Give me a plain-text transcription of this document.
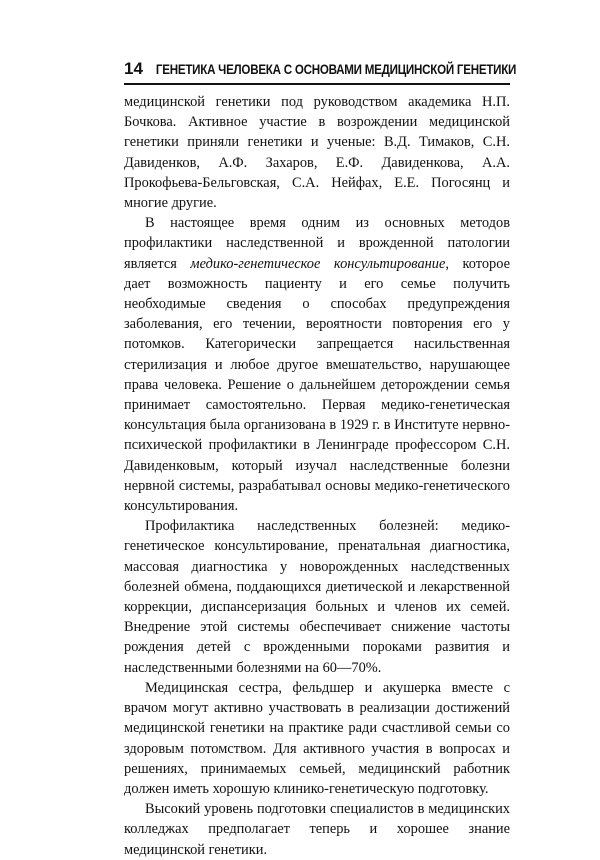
14 ГЕНЕТИКА ЧЕЛОВЕКА С ОСНОВАМИ МЕДИЦИНСКОЙ ГЕНЕТИКИ

медицинской генетики под руководством академика Н.П. Бочкова. Активное участие в возрождении медицинской генетики приняли генетики и ученые: В.Д. Тимаков, С.Н. Давиденков, А.Ф. Захаров, Е.Ф. Давиденкова, А.А. Прокофьева-Бельговская, С.А. Нейфах, Е.Е. Погосянц и многие другие.

В настоящее время одним из основных методов профилактики наследственной и врожденной патологии является медико-генетическое консультирование, которое дает возможность пациенту и его семье получить необходимые сведения о способах предупреждения заболевания, его течении, вероятности повторения его у потомков. Категорически запрещается насильственная стерилизация и любое другое вмешательство, нарушающее права человека. Решение о дальнейшем деторождении семья принимает самостоятельно. Первая медико-генетическая консультация была организована в 1929 г. в Институте нервно-психической профилактики в Ленинграде профессором С.Н. Давиденковым, который изучал наследственные болезни нервной системы, разрабатывал основы медико-генетического консультирования.

Профилактика наследственных болезней: медико-генетическое консультирование, пренатальная диагностика, массовая диагностика у новорожденных наследственных болезней обмена, поддающихся диетической и лекарственной коррекции, диспансеризация больных и членов их семей. Внедрение этой системы обеспечивает снижение частоты рождения детей с врожденными пороками развития и наследственными болезнями на 60—70%.

Медицинская сестра, фельдшер и акушерка вместе с врачом могут активно участвовать в реализации достижений медицинской генетики на практике ради счастливой семьи со здоровым потомством. Для активного участия в вопросах и решениях, принимаемых семьей, медицинский работник должен иметь хорошую клинико-генетическую подготовку.

Высокий уровень подготовки специалистов в медицинских колледжах предполагает теперь и хорошее знание медицинской генетики.
